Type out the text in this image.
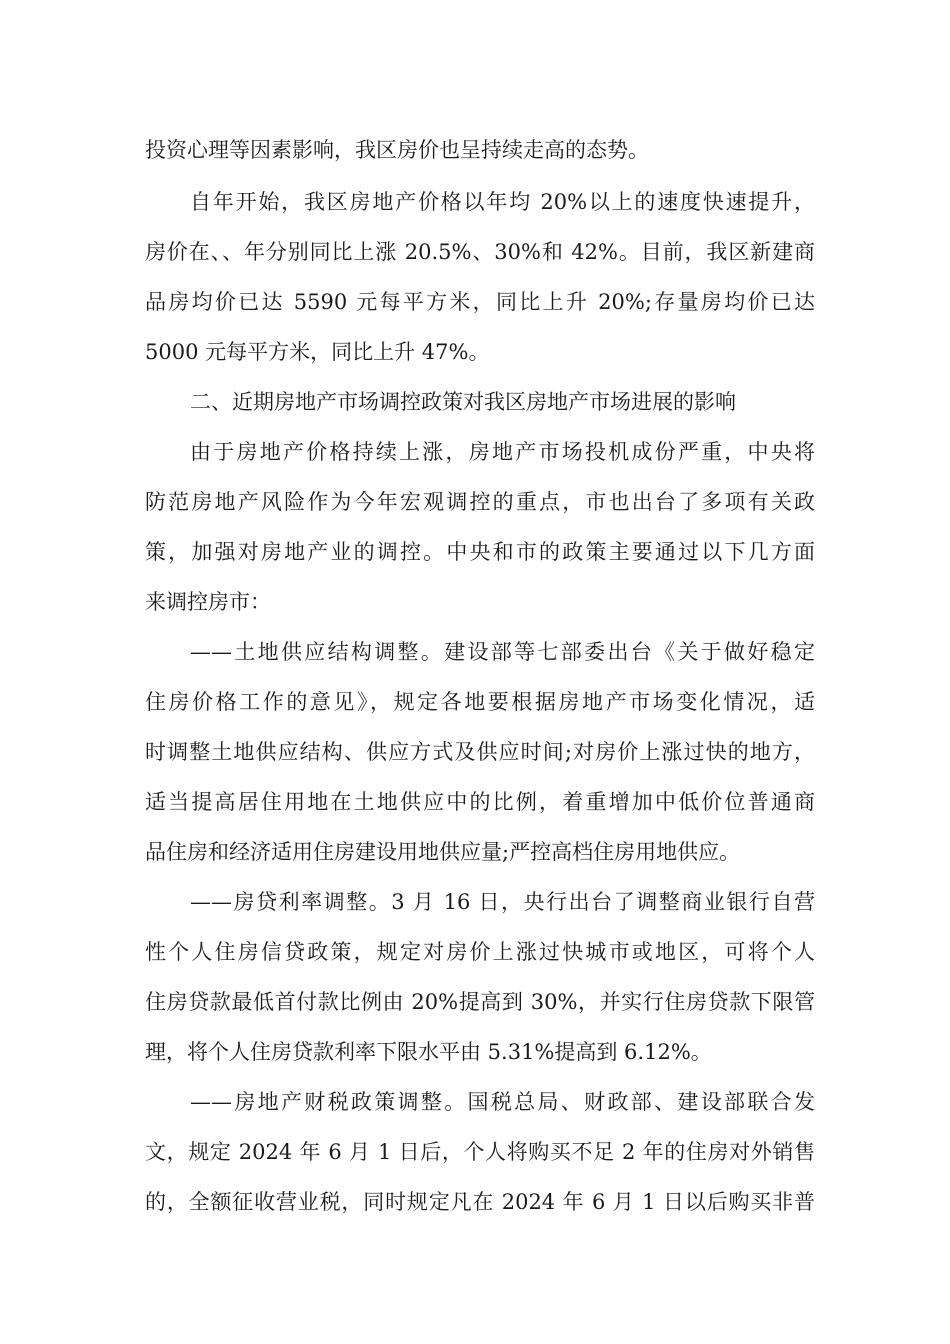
投资心理等因素影响，我区房价也呈持续走高的态势。
自年开始，我区房地产价格以年均 20%以上的速度快速提升，
房价在、、年分别同比上涨 20.5%、30%和 42%。目前，我区新建商
品房均价已达 5590 元每平方米，同比上升 20%;存量房均价已达
5000 元每平方米，同比上升 47%。
二、近期房地产市场调控政策对我区房地产市场进展的影响
由于房地产价格持续上涨，房地产市场投机成份严重，中央将
防范房地产风险作为今年宏观调控的重点，市也出台了多项有关政
策，加强对房地产业的调控。中央和市的政策主要通过以下几方面
来调控房市：
——土地供应结构调整。建设部等七部委出台《关于做好稳定
住房价格工作的意见》，规定各地要根据房地产市场变化情况，适
时调整土地供应结构、供应方式及供应时间;对房价上涨过快的地方，
适当提高居住用地在土地供应中的比例，着重增加中低价位普通商
品住房和经济适用住房建设用地供应量;严控高档住房用地供应。
——房贷利率调整。3 月 16 日，央行出台了调整商业银行自营
性个人住房信贷政策，规定对房价上涨过快城市或地区，可将个人
住房贷款最低首付款比例由 20%提高到 30%，并实行住房贷款下限管
理，将个人住房贷款利率下限水平由 5.31%提高到 6.12%。
——房地产财税政策调整。国税总局、财政部、建设部联合发
文，规定 2024 年 6 月 1 日后，个人将购买不足 2 年的住房对外销售
的，全额征收营业税，同时规定凡在 2024 年 6 月 1 日以后购买非普
